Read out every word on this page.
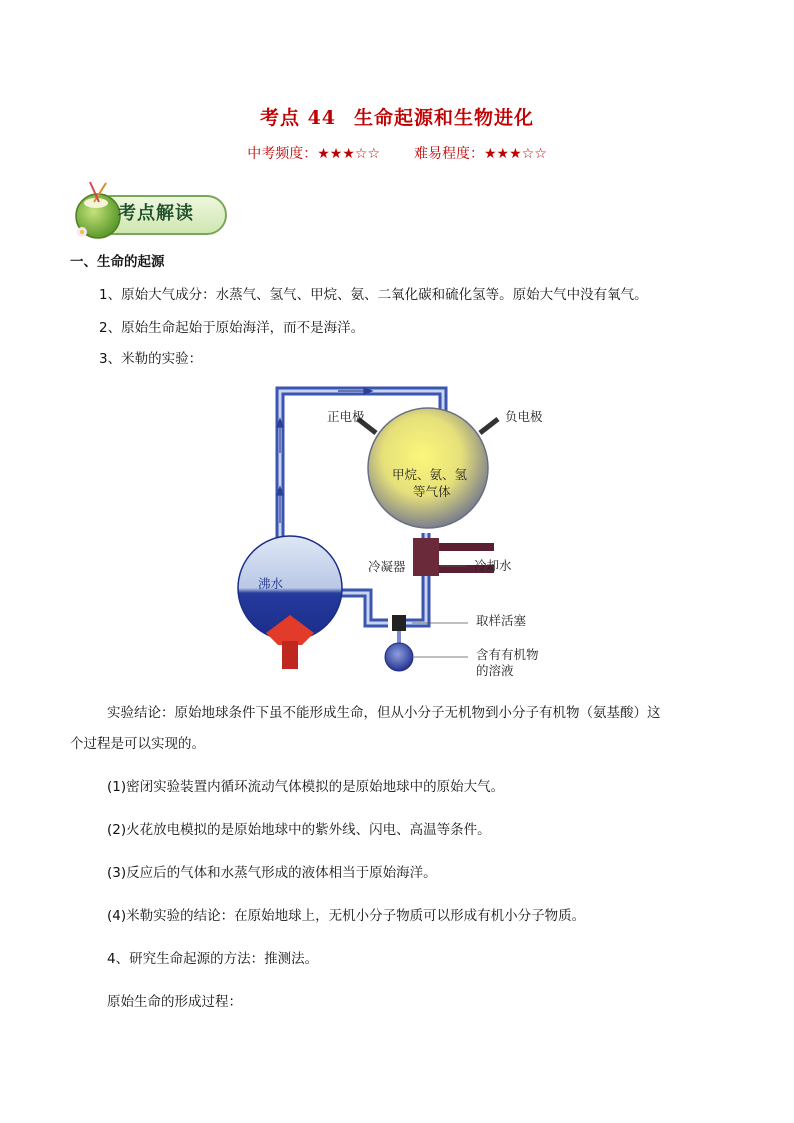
考点 44 生命起源和生物进化
中考频度：★★★☆☆ 难易程度：★★★☆☆
考点解读
一、生命的起源
1、原始大气成分：水蒸气、氢气、甲烷、氨、二氧化碳和硫化氢等。原始大气中没有氧气。
2、原始生命起始于原始海洋，而不是海洋。
3、米勒的实验：
正电极	负电极
甲烷、氨、氢
等气体
沸水
冷凝器	冷却水
取样活塞
含有有机物
的溶液
实验结论：原始地球条件下虽不能形成生命，但从小分子无机物到小分子有机物（氨基酸）这
个过程是可以实现的。
(1)密闭实验装置内循环流动气体模拟的是原始地球中的原始大气。
(2)火花放电模拟的是原始地球中的紫外线、闪电、高温等条件。
(3)反应后的气体和水蒸气形成的液体相当于原始海洋。
(4)米勒实验的结论：在原始地球上，无机小分子物质可以形成有机小分子物质。
4、研究生命起源的方法：推测法。
原始生命的形成过程：
